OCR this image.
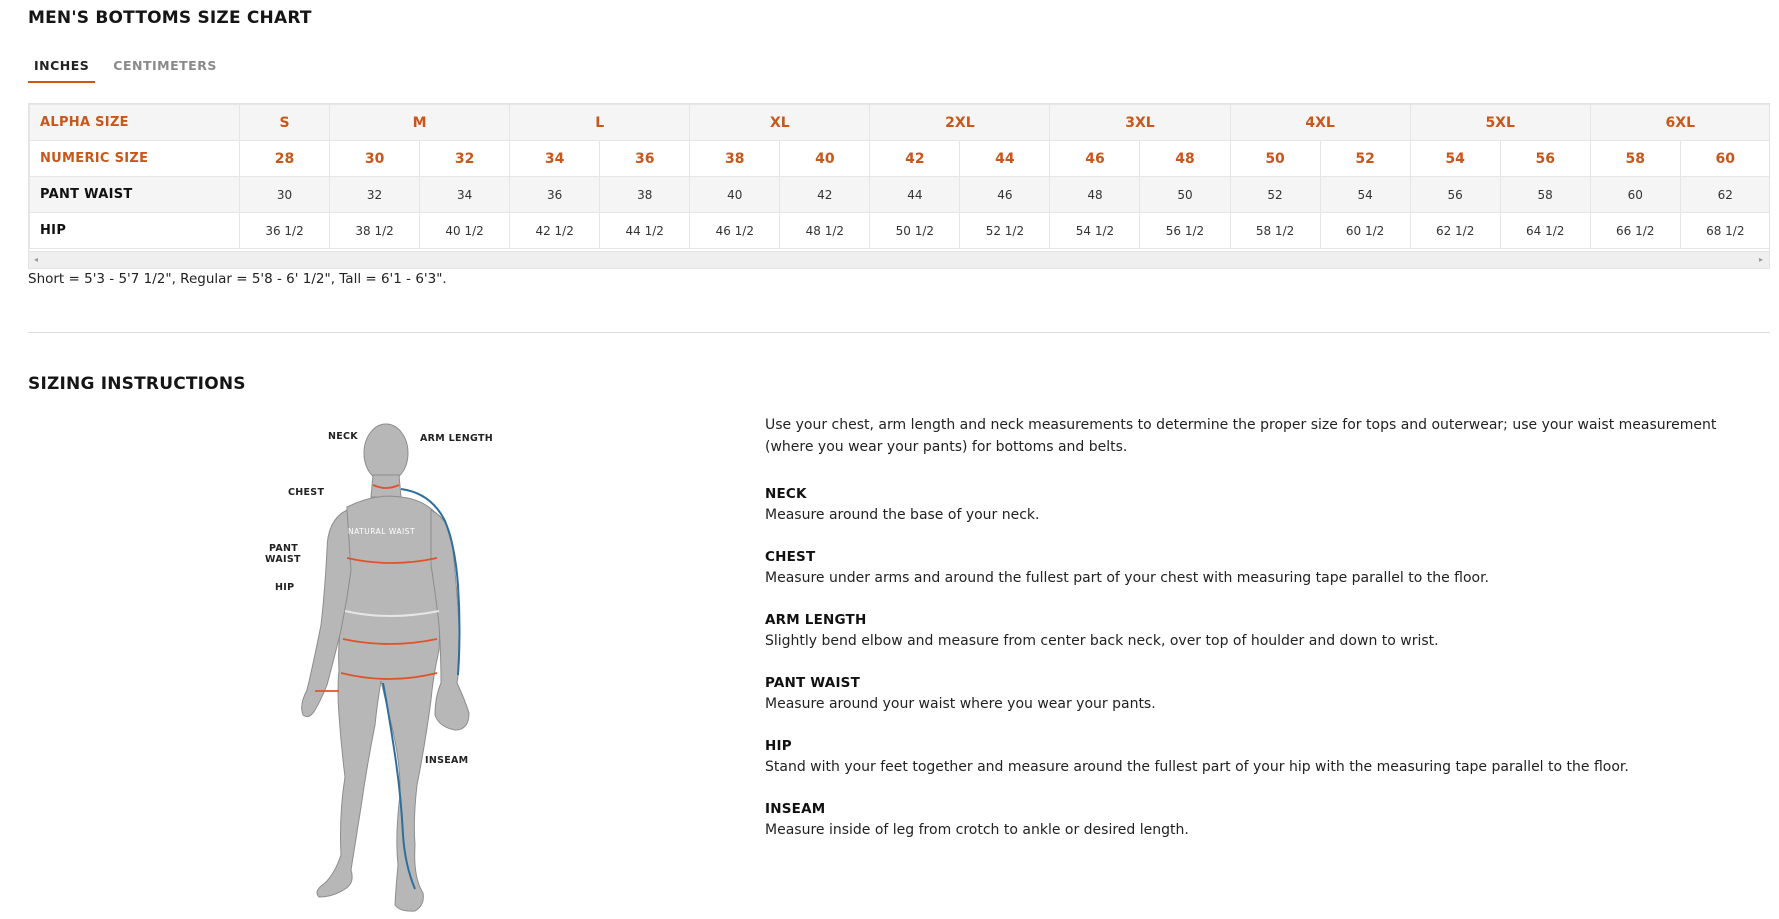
MEN'S BOTTOMS SIZE CHART
INCHES	CENTIMETERS
ALPHA SIZE	S	M		L		XL		2XL		3XL		4XL		5XL		6XL	
NUMERIC SIZE	28	30	32	34	36	38	40	42	44	46	48	50	52	54	56	58	60
PANT WAIST	30	32	34	36	38	40	42	44	46	48	50	52	54	56	58	60	62
HIP	36 1/2	38 1/2	40 1/2	42 1/2	44 1/2	46 1/2	48 1/2	50 1/2	52 1/2	54 1/2	56 1/2	58 1/2	60 1/2	62 1/2	64 1/2	66 1/2	68 1/2
◂	▸
Short = 5'3 - 5'7 1/2", Regular = 5'8 - 6' 1/2", Tall = 6'1 - 6'3".
SIZING INSTRUCTIONS
NECK	ARM LENGTH
CHEST
NATURAL WAIST
PANT
WAIST
HIP
INSEAM

Use your chest, arm length and neck measurements to determine the proper size for tops and outerwear; use your waist measurement (where you wear your pants) for bottoms and belts.

NECK
Measure around the base of your neck.
CHEST
Measure under arms and around the fullest part of your chest with measuring tape parallel to the floor.
ARM LENGTH
Slightly bend elbow and measure from center back neck, over top of houlder and down to wrist.
PANT WAIST
Measure around your waist where you wear your pants.
HIP
Stand with your feet together and measure around the fullest part of your hip with the measuring tape parallel to the floor.
INSEAM
Measure inside of leg from crotch to ankle or desired length.
